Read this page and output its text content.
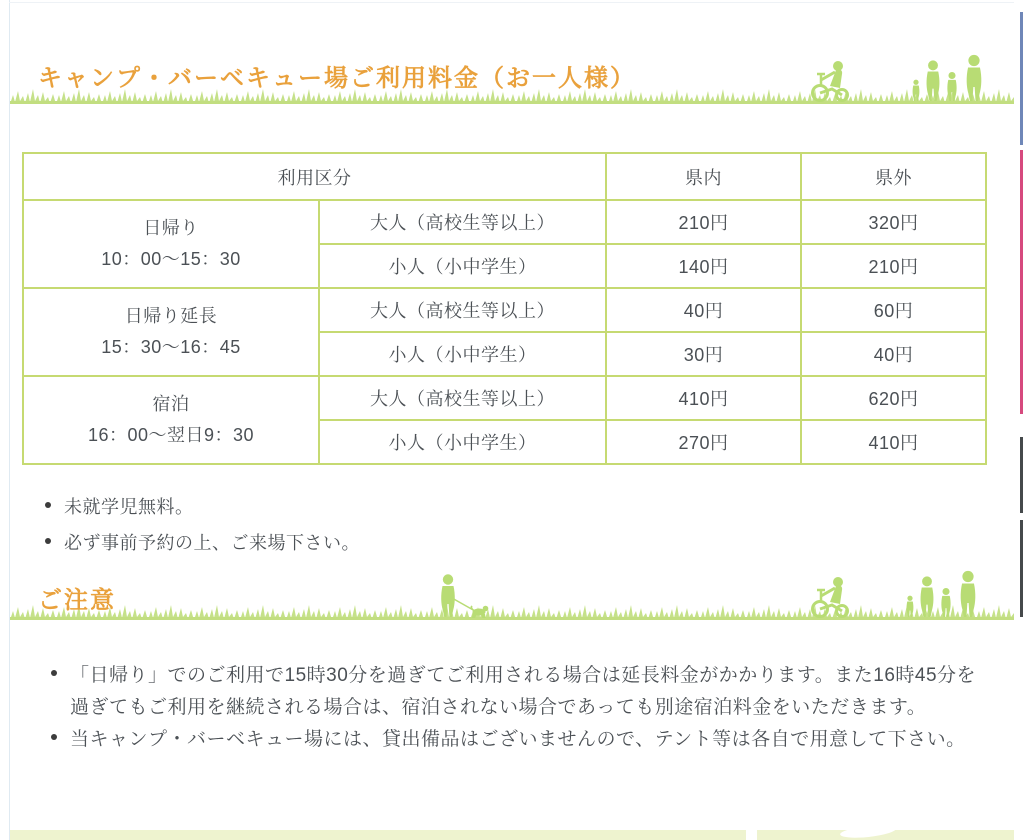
キャンプ・バーベキュー場ご利用料金（お一人様）
利用区分		県内	県外

日帰り
10：00～15：30	大人（高校生等以上）	210円	320円
	小人（小中学生）	140円	210円

日帰り延長
15：30～16：45	大人（高校生等以上）	40円	60円
	小人（小中学生）	30円	40円

宿泊
16：00～翌日9：30	大人（高校生等以上）	410円	620円
	小人（小中学生）	270円	410円
未就学児無料。
必ず事前予約の上、ご来場下さい。
ご注意
「日帰り」でのご利用で15時30分を過ぎてご利用される場合は延長料金がかかります。また16時45分を過ぎてもご利用を継続される場合は、宿泊されない場合であっても別途宿泊料金をいただきます。
当キャンプ・バーベキュー場には、貸出備品はございませんので、テント等は各自で用意して下さい。
